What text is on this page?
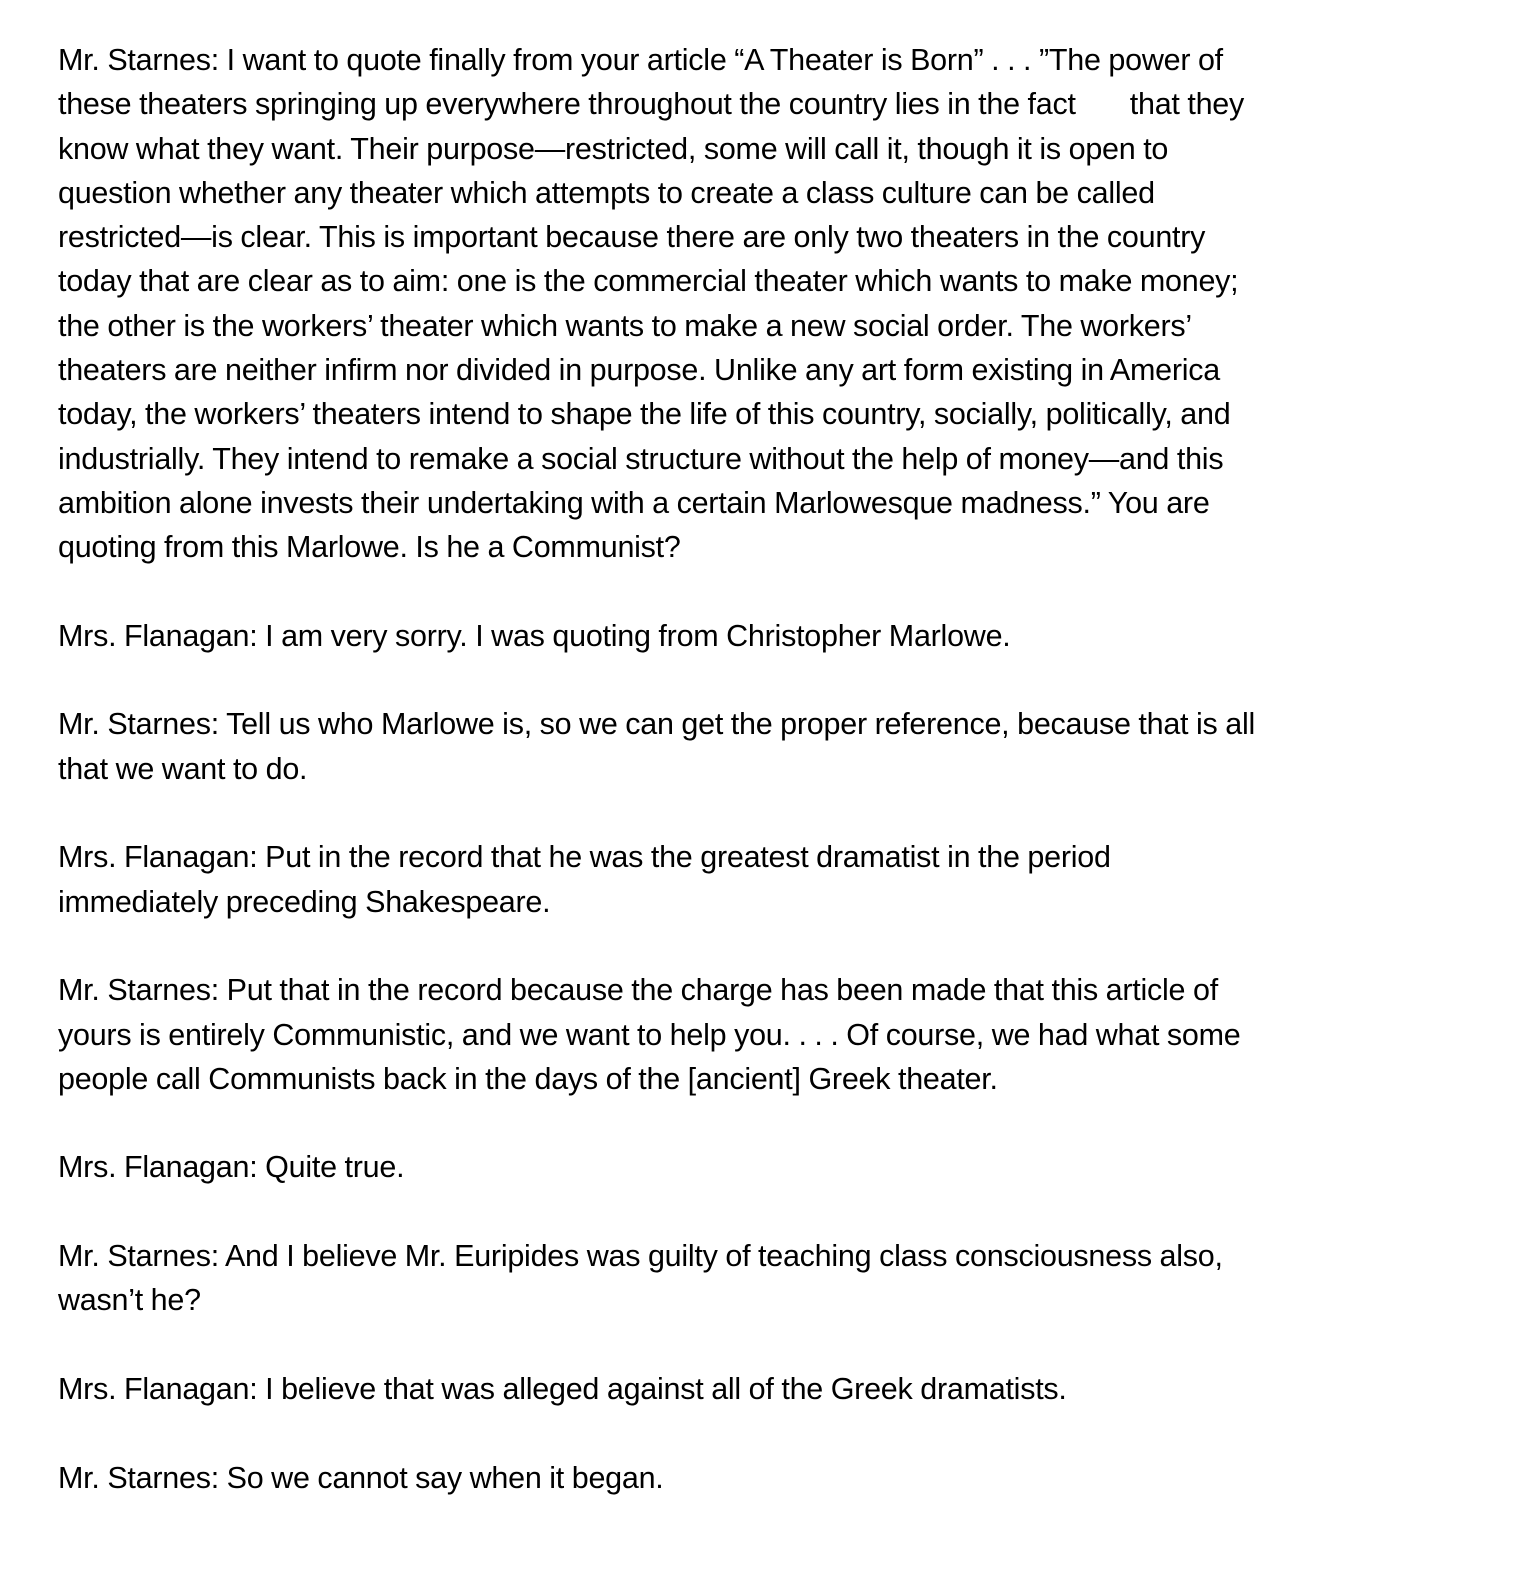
Mr. Starnes: I want to quote finally from your article “A Theater is Born” . . . ”The power of
these theaters springing up everywhere throughout the country lies in the fact       that they
know what they want. Their purpose—restricted, some will call it, though it is open to
question whether any theater which attempts to create a class culture can be called
restricted—is clear. This is important because there are only two theaters in the country
today that are clear as to aim: one is the commercial theater which wants to make money;
the other is the workers’ theater which wants to make a new social order. The workers’
theaters are neither infirm nor divided in purpose. Unlike any art form existing in America
today, the workers’ theaters intend to shape the life of this country, socially, politically, and
industrially. They intend to remake a social structure without the help of money—and this
ambition alone invests their undertaking with a certain Marlowesque madness.” You are
quoting from this Marlowe. Is he a Communist?

Mrs. Flanagan: I am very sorry. I was quoting from Christopher Marlowe.

Mr. Starnes: Tell us who Marlowe is, so we can get the proper reference, because that is all
that we want to do.

Mrs. Flanagan: Put in the record that he was the greatest dramatist in the period
immediately preceding Shakespeare.

Mr. Starnes: Put that in the record because the charge has been made that this article of
yours is entirely Communistic, and we want to help you. . . . Of course, we had what some
people call Communists back in the days of the [ancient] Greek theater.

Mrs. Flanagan: Quite true.

Mr. Starnes: And I believe Mr. Euripides was guilty of teaching class consciousness also,
wasn’t he?

Mrs. Flanagan: I believe that was alleged against all of the Greek dramatists.

Mr. Starnes: So we cannot say when it began.
